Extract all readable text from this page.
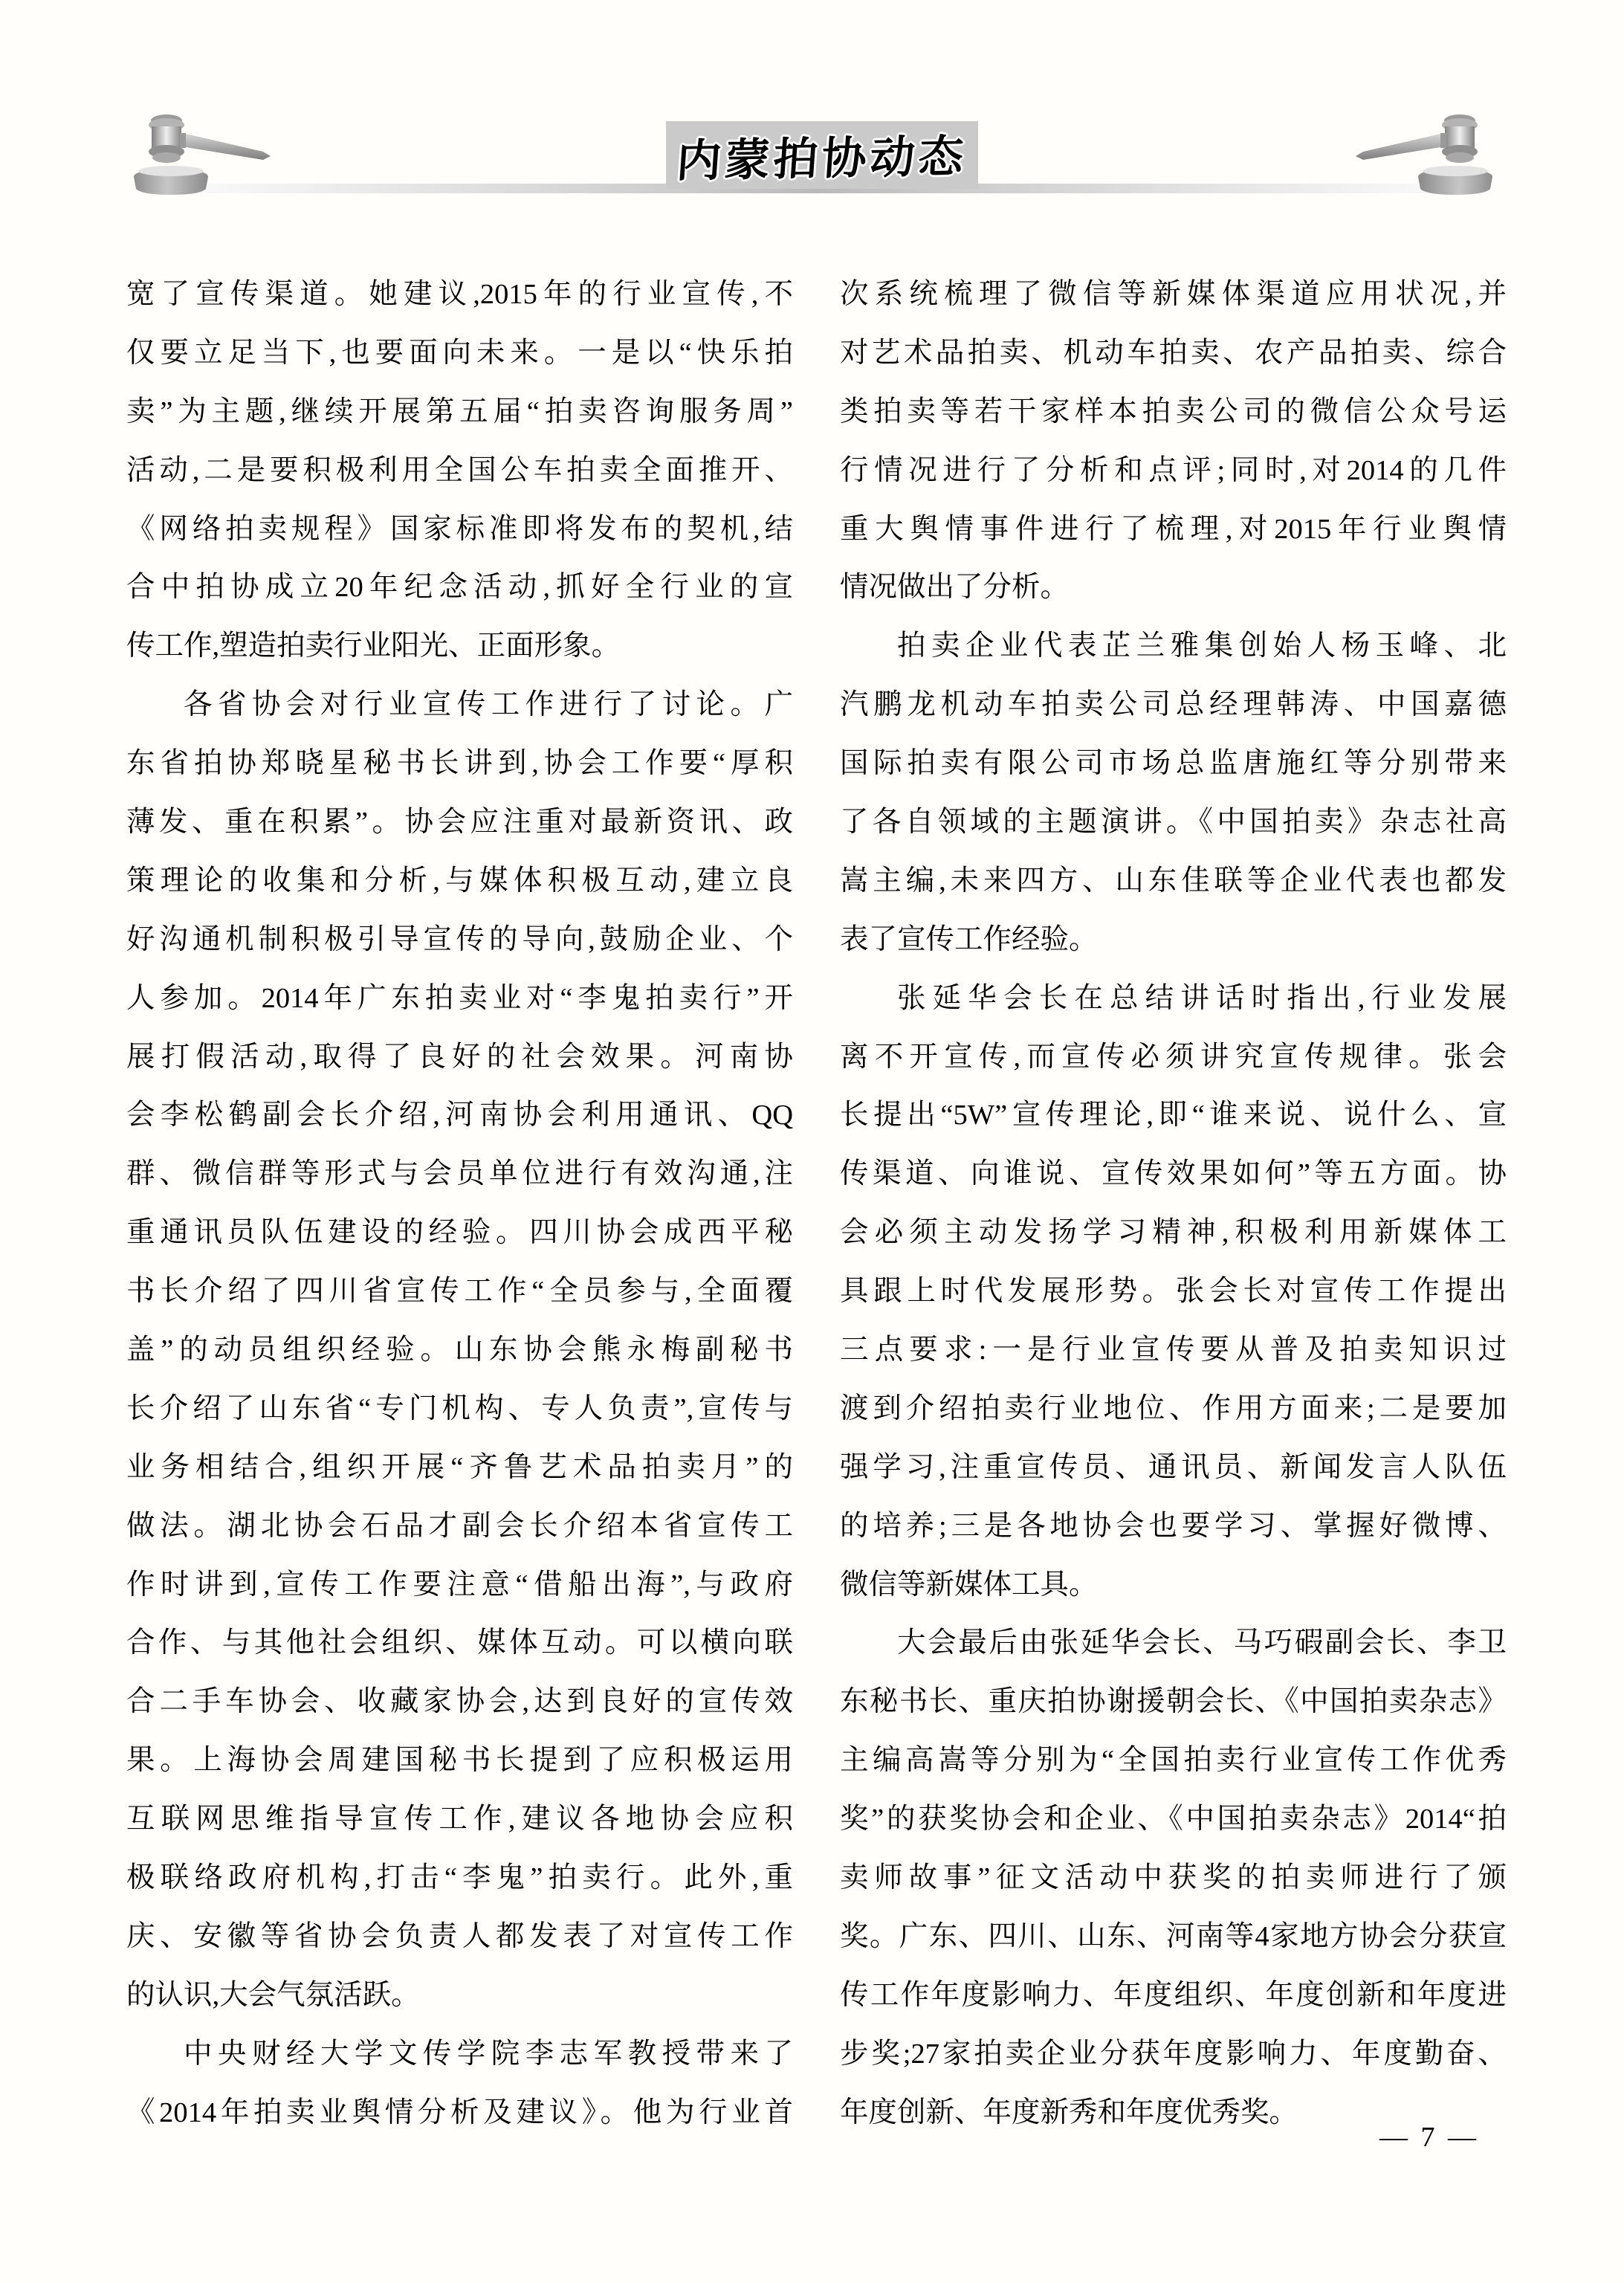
内蒙拍协动态
宽了宣传渠道。她建议,2015年的行业宣传,不
仅要立足当下,也要面向未来。一是以“快乐拍
卖”为主题,继续开展第五届“拍卖咨询服务周”
活动,二是要积极利用全国公车拍卖全面推开、
《网络拍卖规程》国家标准即将发布的契机,结
合中拍协成立20年纪念活动,抓好全行业的宣
传工作,塑造拍卖行业阳光、正面形象。
各省协会对行业宣传工作进行了讨论。广
东省拍协郑晓星秘书长讲到,协会工作要“厚积
薄发、重在积累”。协会应注重对最新资讯、政
策理论的收集和分析,与媒体积极互动,建立良
好沟通机制积极引导宣传的导向,鼓励企业、个
人参加。2014年广东拍卖业对“李鬼拍卖行”开
展打假活动,取得了良好的社会效果。河南协
会李松鹤副会长介绍,河南协会利用通讯、QQ
群、微信群等形式与会员单位进行有效沟通,注
重通讯员队伍建设的经验。四川协会成西平秘
书长介绍了四川省宣传工作“全员参与,全面覆
盖”的动员组织经验。山东协会熊永梅副秘书
长介绍了山东省“专门机构、专人负责”,宣传与
业务相结合,组织开展“齐鲁艺术品拍卖月”的
做法。湖北协会石品才副会长介绍本省宣传工
作时讲到,宣传工作要注意“借船出海”,与政府
合作、与其他社会组织、媒体互动。可以横向联
合二手车协会、收藏家协会,达到良好的宣传效
果。上海协会周建国秘书长提到了应积极运用
互联网思维指导宣传工作,建议各地协会应积
极联络政府机构,打击“李鬼”拍卖行。此外,重
庆、安徽等省协会负责人都发表了对宣传工作
的认识,大会气氛活跃。
中央财经大学文传学院李志军教授带来了
《2014年拍卖业舆情分析及建议》。他为行业首
次系统梳理了微信等新媒体渠道应用状况,并
对艺术品拍卖、机动车拍卖、农产品拍卖、综合
类拍卖等若干家样本拍卖公司的微信公众号运
行情况进行了分析和点评;同时,对2014的几件
重大舆情事件进行了梳理,对2015年行业舆情
情况做出了分析。
拍卖企业代表芷兰雅集创始人杨玉峰、北
汽鹏龙机动车拍卖公司总经理韩涛、中国嘉德
国际拍卖有限公司市场总监唐施红等分别带来
了各自领域的主题演讲。《中国拍卖》杂志社高
嵩主编,未来四方、山东佳联等企业代表也都发
表了宣传工作经验。
张延华会长在总结讲话时指出,行业发展
离不开宣传,而宣传必须讲究宣传规律。张会
长提出“5W”宣传理论,即“谁来说、说什么、宣
传渠道、向谁说、宣传效果如何”等五方面。协
会必须主动发扬学习精神,积极利用新媒体工
具跟上时代发展形势。张会长对宣传工作提出
三点要求:一是行业宣传要从普及拍卖知识过
渡到介绍拍卖行业地位、作用方面来;二是要加
强学习,注重宣传员、通讯员、新闻发言人队伍
的培养;三是各地协会也要学习、掌握好微博、
微信等新媒体工具。
大会最后由张延华会长、马巧碬副会长、李卫
东秘书长、重庆拍协谢援朝会长、《中国拍卖杂志》
主编高嵩等分别为“全国拍卖行业宣传工作优秀
奖”的获奖协会和企业、《中国拍卖杂志》2014“拍
卖师故事”征文活动中获奖的拍卖师进行了颁
奖。广东、四川、山东、河南等4家地方协会分获宣
传工作年度影响力、年度组织、年度创新和年度进
步奖;27家拍卖企业分获年度影响力、年度勤奋、
年度创新、年度新秀和年度优秀奖。
— 7 —
